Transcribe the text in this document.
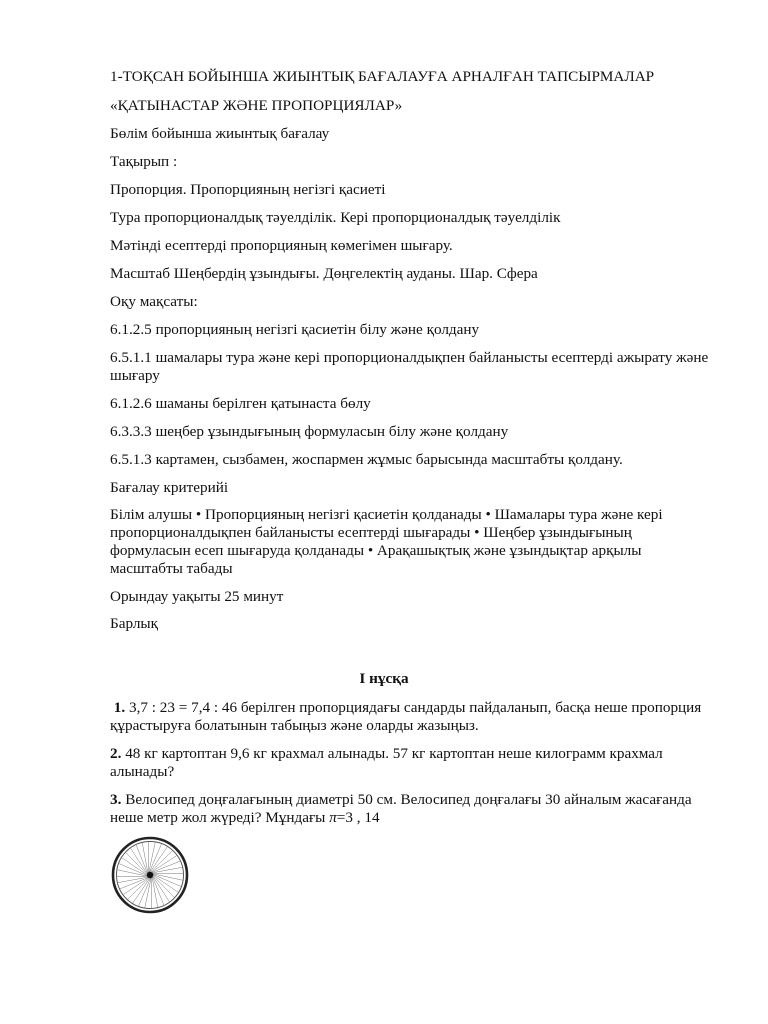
1-ТОҚСАН БОЙЫНША ЖИЫНТЫҚ БАҒАЛАУҒА АРНАЛҒАН ТАПСЫРМАЛАР

«ҚАТЫНАСТАР ЖӘНЕ ПРОПОРЦИЯЛАР»

Бөлім бойынша жиынтық бағалау

Тақырып :

Пропорция. Пропорцияның негізгі қасиеті

Тура пропорционалдық тәуелділік. Кері пропорционалдық тәуелділік

Мәтінді есептерді пропорцияның көмегімен шығару.

Масштаб Шеңбердің ұзындығы. Дөңгелектің ауданы. Шар. Сфера

Оқу мақсаты:

6.1.2.5 пропорцияның негізгі қасиетін білу және қолдану

6.5.1.1 шамалары тура және кері пропорционалдықпен байланысты есептерді ажырату және шығару

6.1.2.6 шаманы берілген қатынаста бөлу

6.3.3.3 шеңбер ұзындығының формуласын білу және қолдану

6.5.1.3 картамен, сызбамен, жоспармен жұмыс барысында масштабты қолдану.

Бағалау критерийі

Білім алушы • Пропорцияның негізгі қасиетін қолданады • Шамалары тура және кері пропорционалдықпен байланысты есептерді шығарады • Шеңбер ұзындығының формуласын есеп шығаруда қолданады • Арақашықтық және ұзындықтар арқылы масштабты табады

Орындау уақыты 25 минут

Барлық

І нұсқа

1. 3,7 : 23 = 7,4 : 46 берілген пропорциядағы сандарды пайдаланып, басқа неше пропорция құрастыруға болатынын табыңыз және оларды жазыңыз.

2. 48 кг картоптан 9,6 кг крахмал алынады. 57 кг картоптан неше килограмм крахмал алынады?

3. Велосипед доңғалағының диаметрі 50 см. Велосипед доңғалағы 30 айналым жасағанда неше метр жол жүреді? Мұндағы π=3 , 14
